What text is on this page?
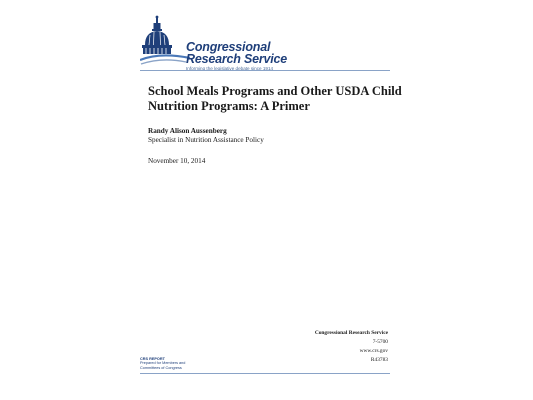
Congressional
Research Service
Informing the legislative debate since 1914
School Meals Programs and Other USDA Child Nutrition Programs: A Primer
Randy Alison Aussenberg
Specialist in Nutrition Assistance Policy
November 10, 2014
Congressional Research Service
7-5700
www.crs.gov
R43783
CRS REPORT
Prepared for Members and
Committees of Congress
